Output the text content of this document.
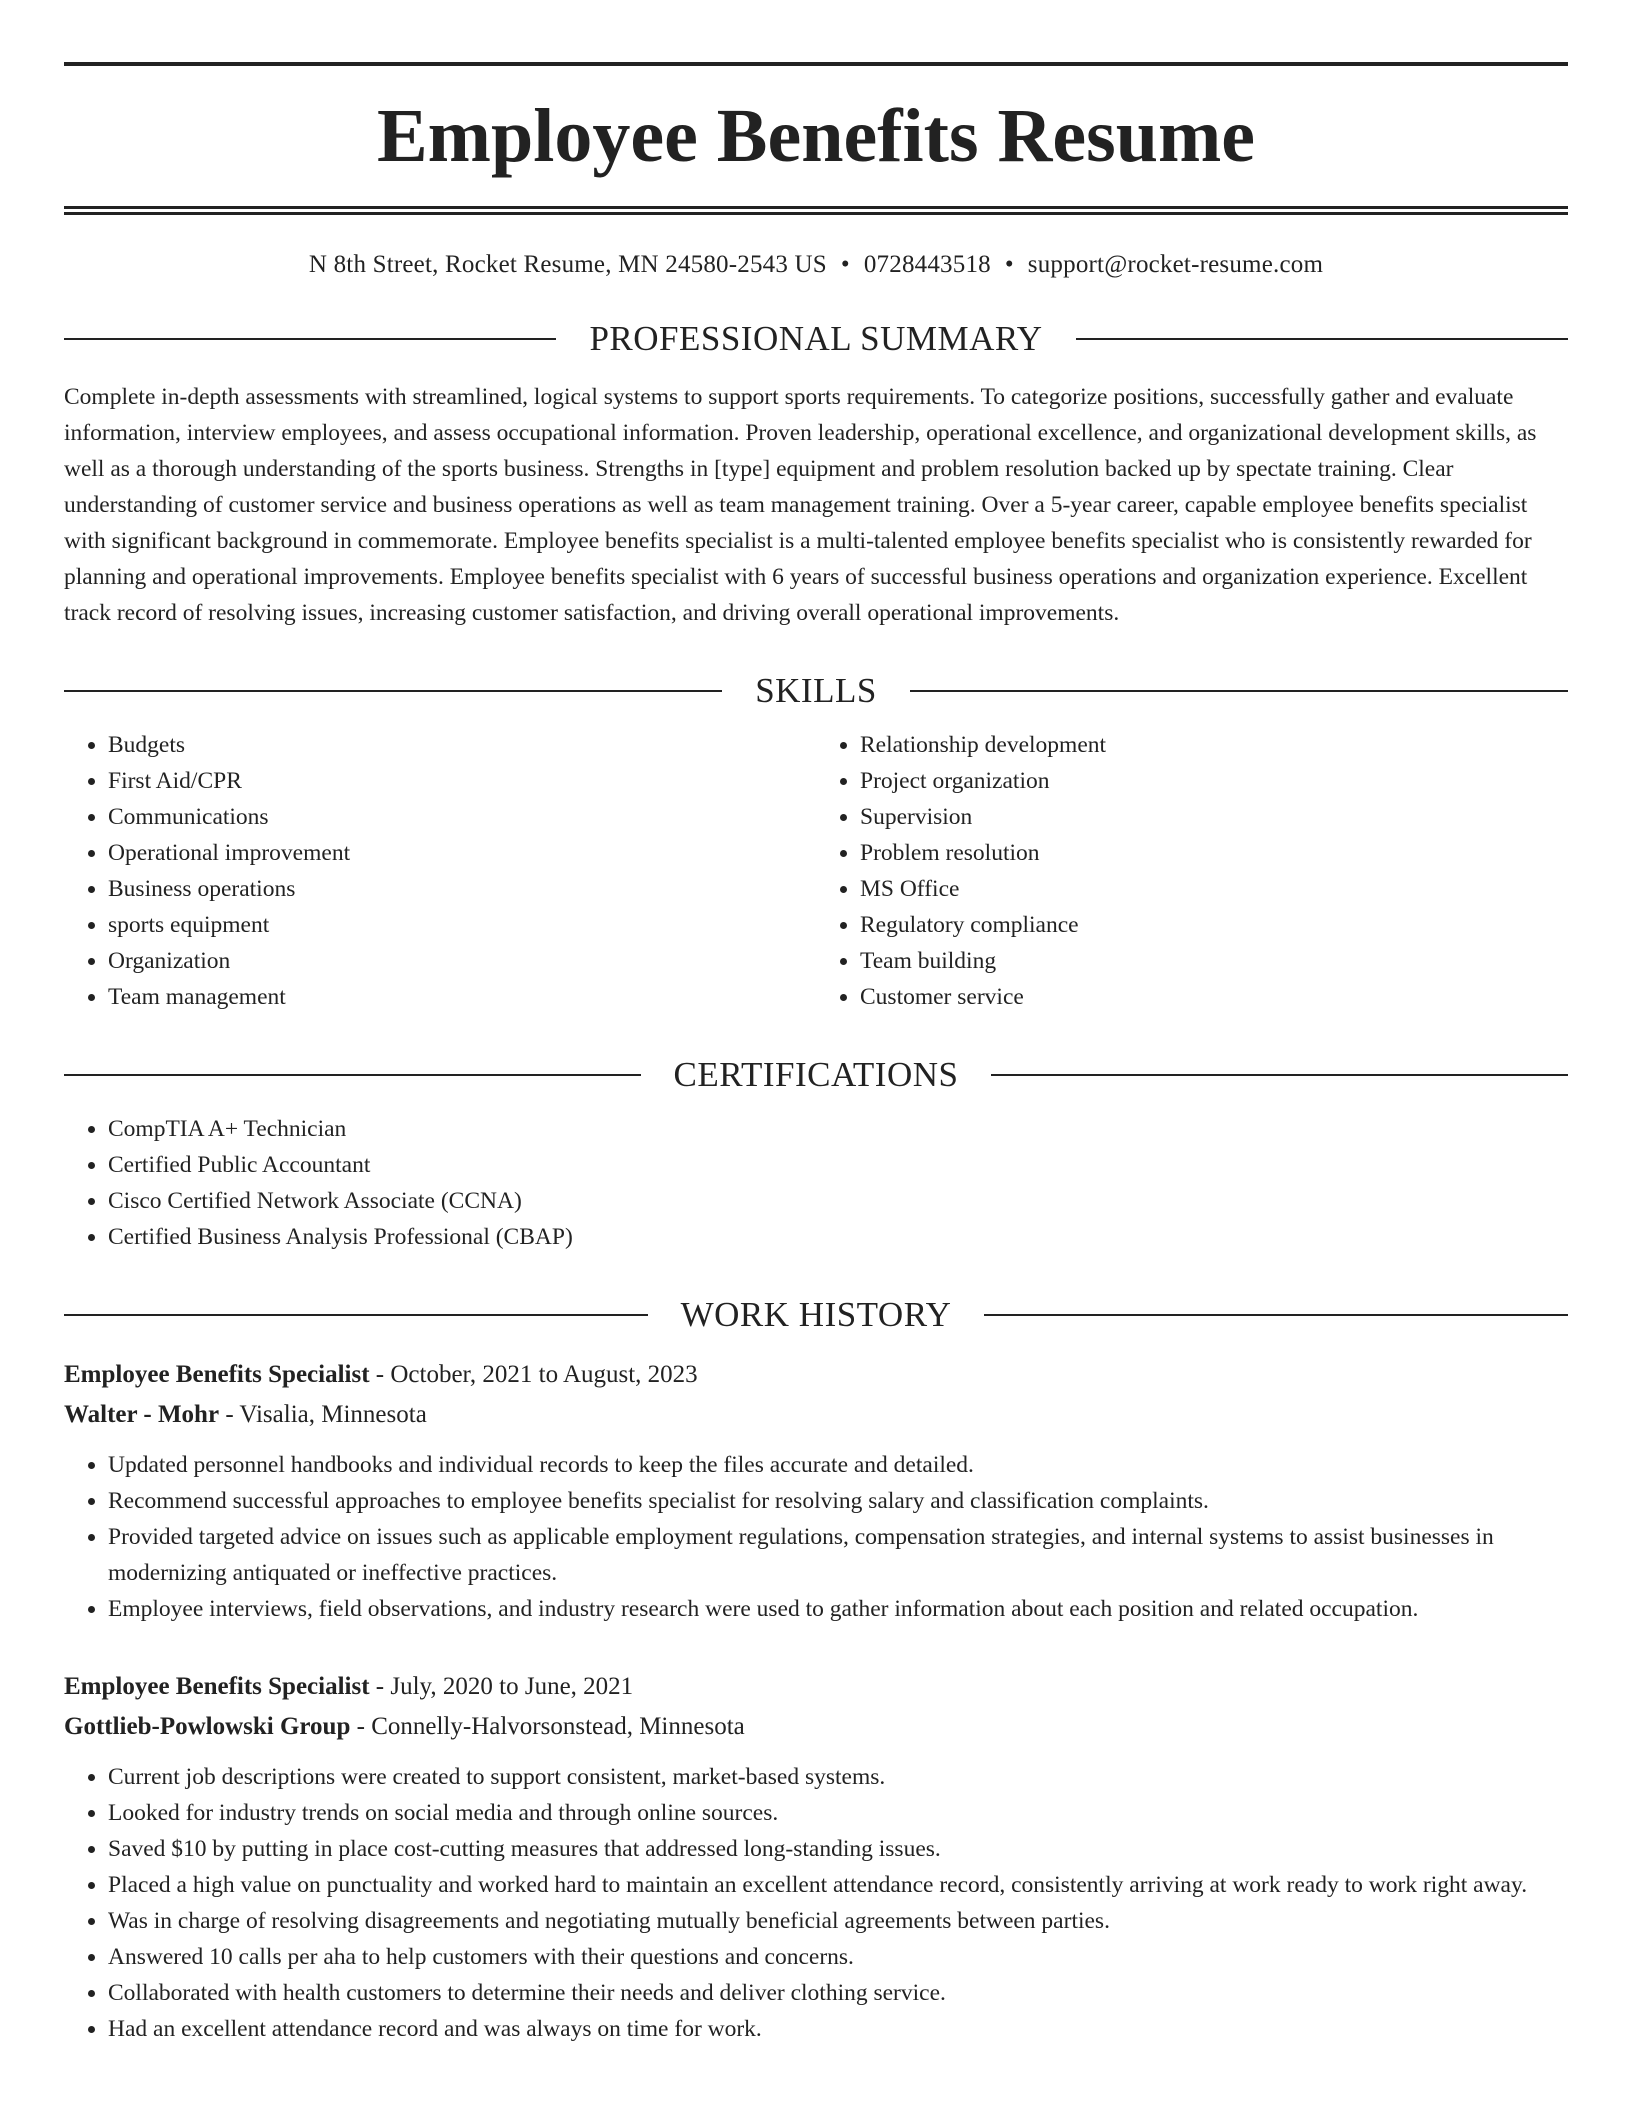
Employee Benefits Resume
N 8th Street, Rocket Resume, MN 24580-2543 US • 0728443518 • support@rocket-resume.com
PROFESSIONAL SUMMARY
Complete in-depth assessments with streamlined, logical systems to support sports requirements. To categorize positions, successfully gather and evaluate information, interview employees, and assess occupational information. Proven leadership, operational excellence, and organizational development skills, as well as a thorough understanding of the sports business. Strengths in [type] equipment and problem resolution backed up by spectate training. Clear understanding of customer service and business operations as well as team management training. Over a 5-year career, capable employee benefits specialist with significant background in commemorate. Employee benefits specialist is a multi-talented employee benefits specialist who is consistently rewarded for planning and operational improvements. Employee benefits specialist with 6 years of successful business operations and organization experience. Excellent track record of resolving issues, increasing customer satisfaction, and driving overall operational improvements.
SKILLS
• Budgets
• First Aid/CPR
• Communications
• Operational improvement
• Business operations
• sports equipment
• Organization
• Team management
• Relationship development
• Project organization
• Supervision
• Problem resolution
• MS Office
• Regulatory compliance
• Team building
• Customer service
CERTIFICATIONS
• CompTIA A+ Technician
• Certified Public Accountant
• Cisco Certified Network Associate (CCNA)
• Certified Business Analysis Professional (CBAP)
WORK HISTORY
Employee Benefits Specialist - October, 2021 to August, 2023
Walter - Mohr - Visalia, Minnesota
• Updated personnel handbooks and individual records to keep the files accurate and detailed.
• Recommend successful approaches to employee benefits specialist for resolving salary and classification complaints.
• Provided targeted advice on issues such as applicable employment regulations, compensation strategies, and internal systems to assist businesses in modernizing antiquated or ineffective practices.
• Employee interviews, field observations, and industry research were used to gather information about each position and related occupation.
Employee Benefits Specialist - July, 2020 to June, 2021
Gottlieb-Powlowski Group - Connelly-Halvorsonstead, Minnesota
• Current job descriptions were created to support consistent, market-based systems.
• Looked for industry trends on social media and through online sources.
• Saved $10 by putting in place cost-cutting measures that addressed long-standing issues.
• Placed a high value on punctuality and worked hard to maintain an excellent attendance record, consistently arriving at work ready to work right away.
• Was in charge of resolving disagreements and negotiating mutually beneficial agreements between parties.
• Answered 10 calls per aha to help customers with their questions and concerns.
• Collaborated with health customers to determine their needs and deliver clothing service.
• Had an excellent attendance record and was always on time for work.
